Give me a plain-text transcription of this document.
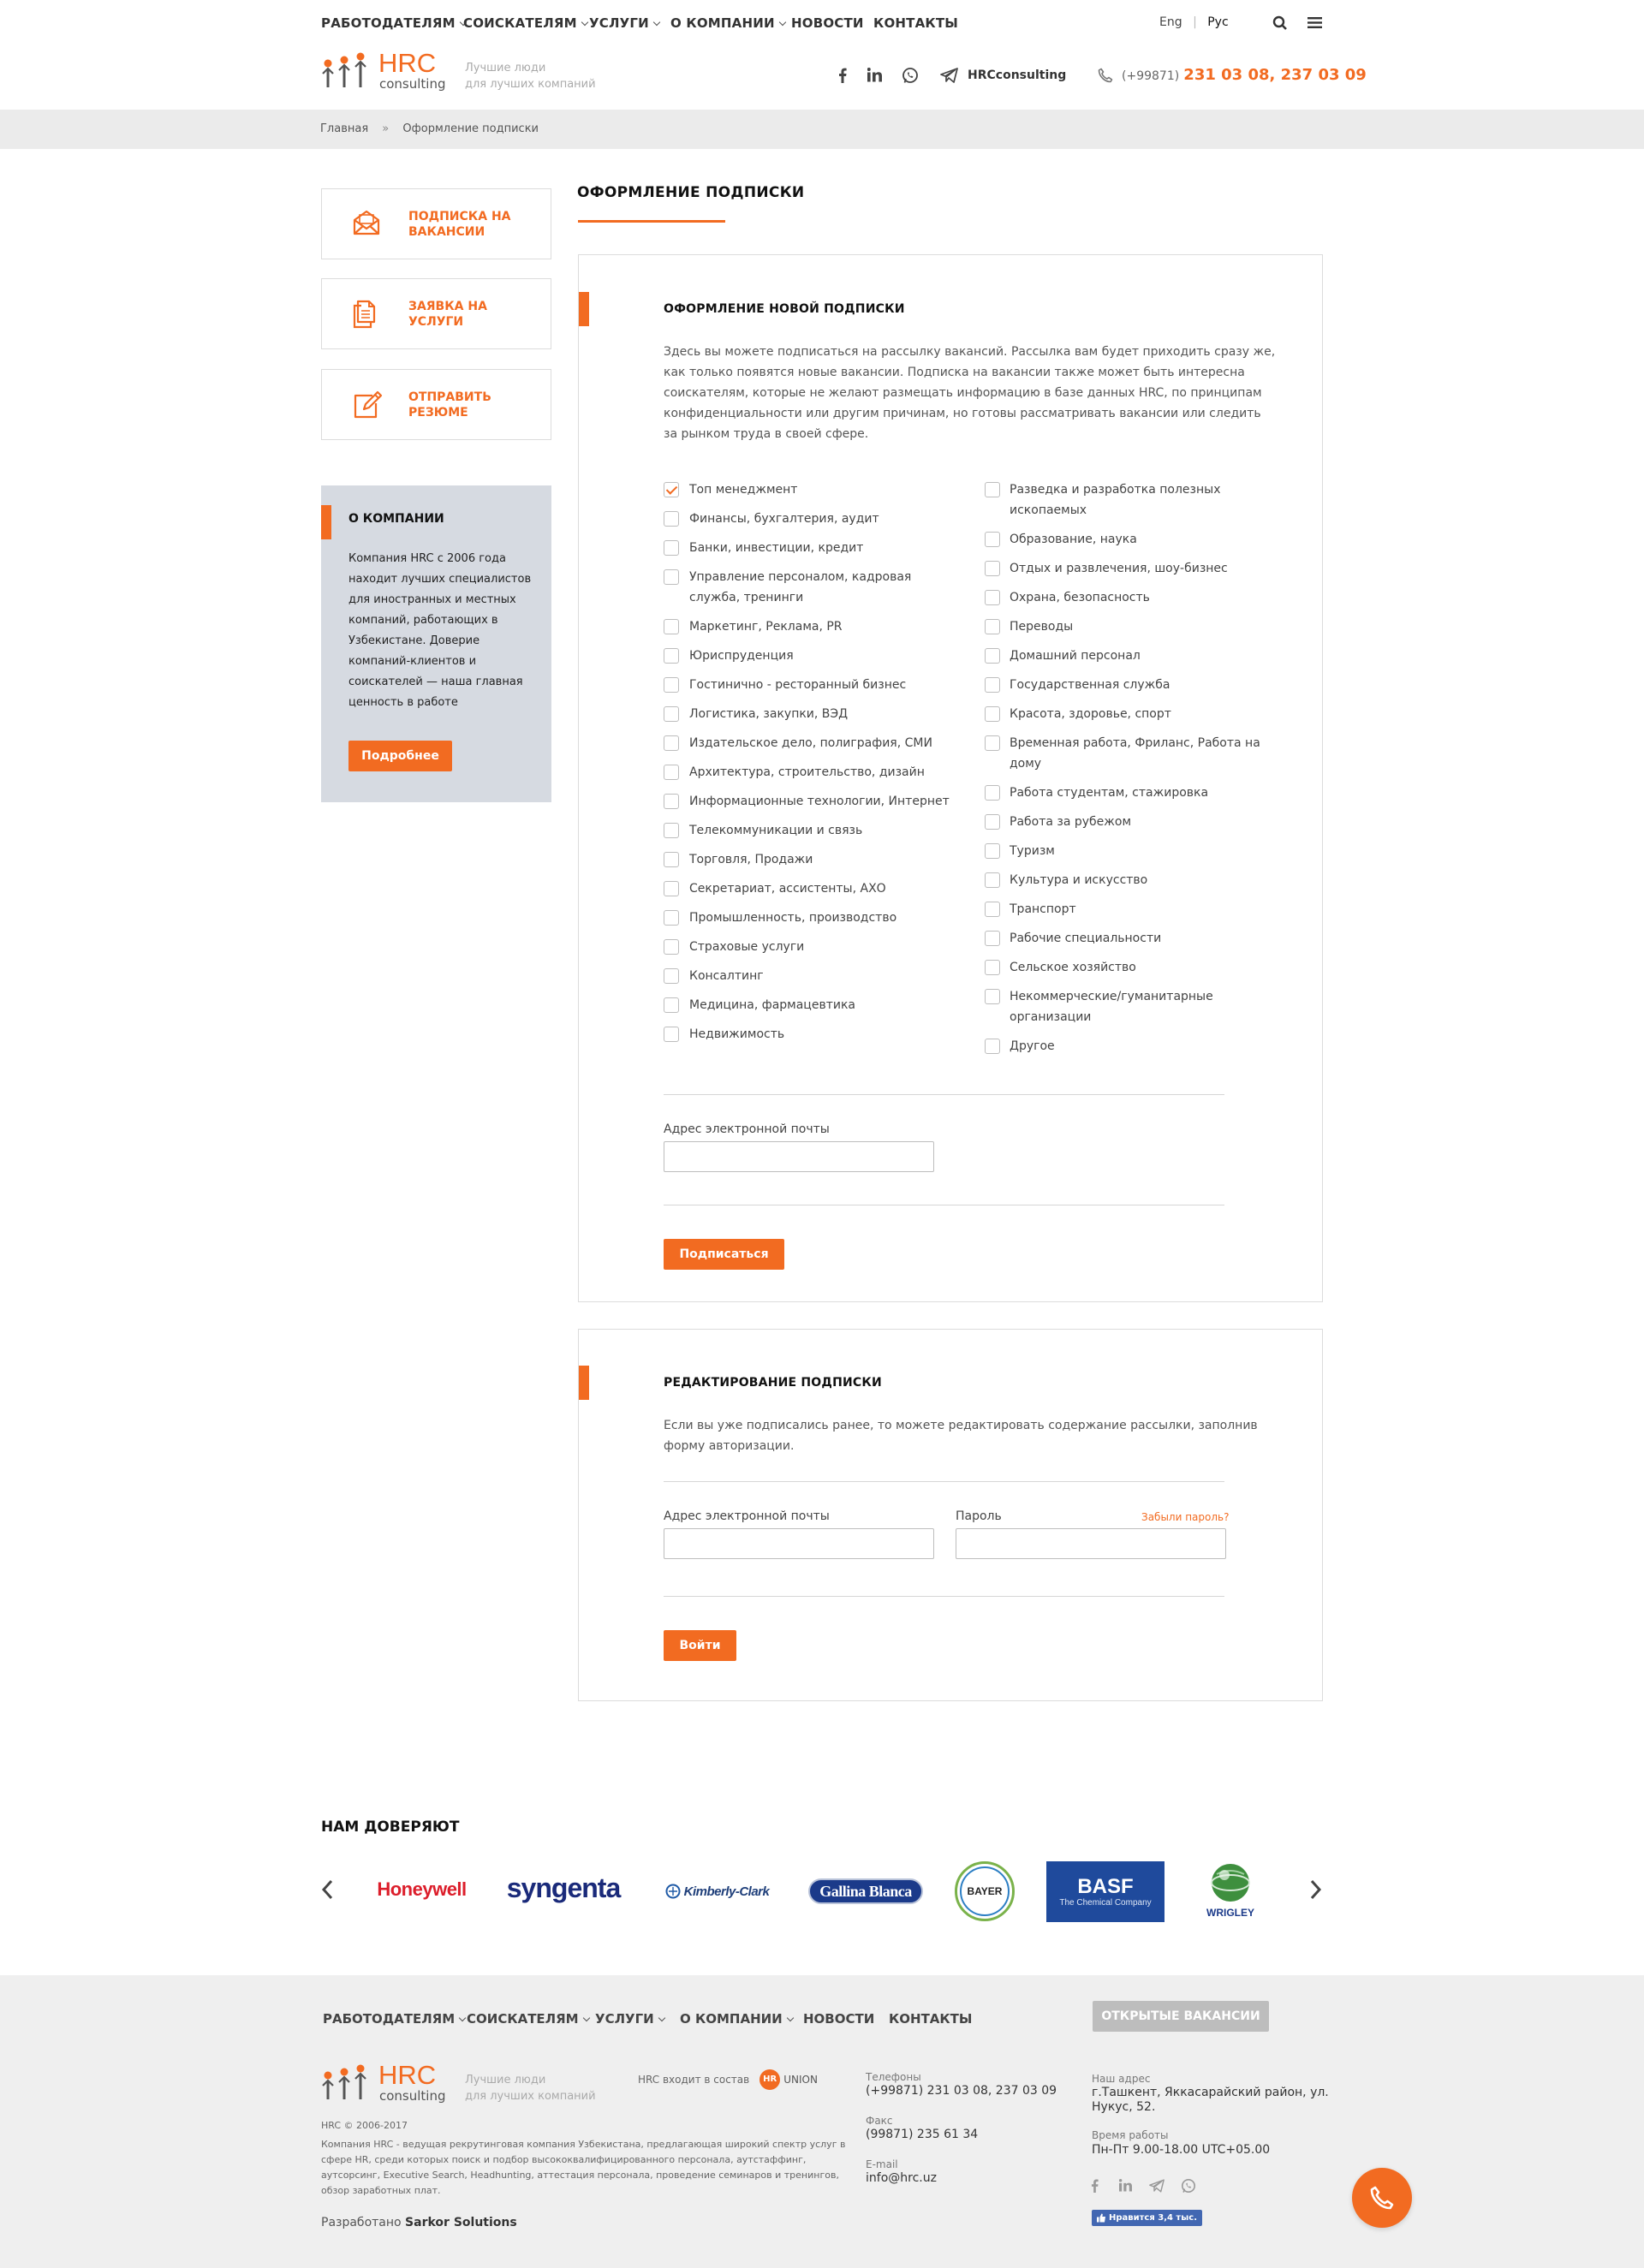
РАБОТОДАТЕЛЯМ СОИСКАТЕЛЯМ УСЛУГИ	О КОМПАНИИ	НОВОСТИ КОНТАКТЫ	Eng | Рус
HRC
consulting
Лучшие люди
для лучших компаний
HRCconsulting	(+99871) 231 03 08, 237 03 09
Главная » Оформление подписки
ПОДПИСКА НА
ВАКАНСИИ
ЗАЯВКА НА
УСЛУГИ
ОТПРАВИТЬ
РЕЗЮМЕ
О КОМПАНИИ
Компания HRC с 2006 года
находит лучших специалистов
для иностранных и местных
компаний, работающих в
Узбекистане. Доверие
компаний-клиентов и
соискателей — наша главная
ценность в работе
Подробнее
ОФОРМЛЕНИЕ ПОДПИСКИ
ОФОРМЛЕНИЕ НОВОЙ ПОДПИСКИ
Здесь вы можете подписаться на рассылку вакансий. Рассылка вам будет приходить сразу же,
как только появятся новые вакансии. Подписка на вакансии также может быть интересна
соискателям, которые не желают размещать информацию в базе данных HRC, по принципам
конфиденциальности или другим причинам, но готовы рассматривать вакансии или следить
за рынком труда в своей сфере.
Топ менеджмент
Финансы, бухгалтерия, аудит
Банки, инвестиции, кредит
Управление персоналом, кадровая
служба, тренинги
Маркетинг, Реклама, PR
Юриспруденция
Гостинично - ресторанный бизнес
Логистика, закупки, ВЭД
Издательское дело, полиграфия, СМИ
Архитектура, строительство, дизайн
Информационные технологии, Интернет
Телекоммуникации и связь
Торговля, Продажи
Секретариат, ассистенты, АХО
Промышленность, производство
Страховые услуги
Консалтинг
Медицина, фармацевтика
Недвижимость
Разведка и разработка полезных
ископаемых
Образование, наука
Отдых и развлечения, шоу-бизнес
Охрана, безопасность
Переводы
Домашний персонал
Государственная служба
Красота, здоровье, спорт
Временная работа, Фриланс, Работа на
дому
Работа студентам, стажировка
Работа за рубежом
Туризм
Культура и искусство
Транспорт
Рабочие специальности
Сельское хозяйство
Некоммерческие/гуманитарные
организации
Другое
Адрес электронной почты
Подписаться
РЕДАКТИРОВАНИЕ ПОДПИСКИ
Если вы уже подписались ранее, то можете редактировать содержание рассылки, заполнив
форму авторизации.
Адрес электронной почты	Пароль	Забыли пароль?
Войти
НАМ ДОВЕРЯЮТ
Honeywell syngenta	Kimberly-Clark	Gallina Blanca	BAYER	BASF
The Chemical Company
WRIGLEY
РАБОТОДАТЕЛЯМ СОИСКАТЕЛЯМ	УСЛУГИ	О КОМПАНИИ	НОВОСТИ КОНТАКТЫ	ОТКРЫТЫЕ ВАКАНСИИ
HRC
consulting
Лучшие люди
для лучших компаний
HRC входит в состав	HR UNION
HRC © 2006-2017
Компания HRC - ведущая рекрутинговая компания Узбекистана, предлагающая широкий спектр услуг в
сфере HR, среди которых поиск и подбор высококвалифицированного персонала, аутстаффинг,
аутсорсинг, Executive Search, Headhunting, аттестация персонала, проведение семинаров и тренингов,
обзор заработных плат.
Разработано Sarkor Solutions
Телефоны
(+99871) 231 03 08, 237 03 09
Факс
(99871) 235 61 34
E-mail
info@hrc.uz
Наш адрес
г.Ташкент, Яккасарайский район, ул.
Нукус, 52.
Время работы
Пн-Пт 9.00-18.00 UTC+05.00
Нравится 3,4 тыс.
